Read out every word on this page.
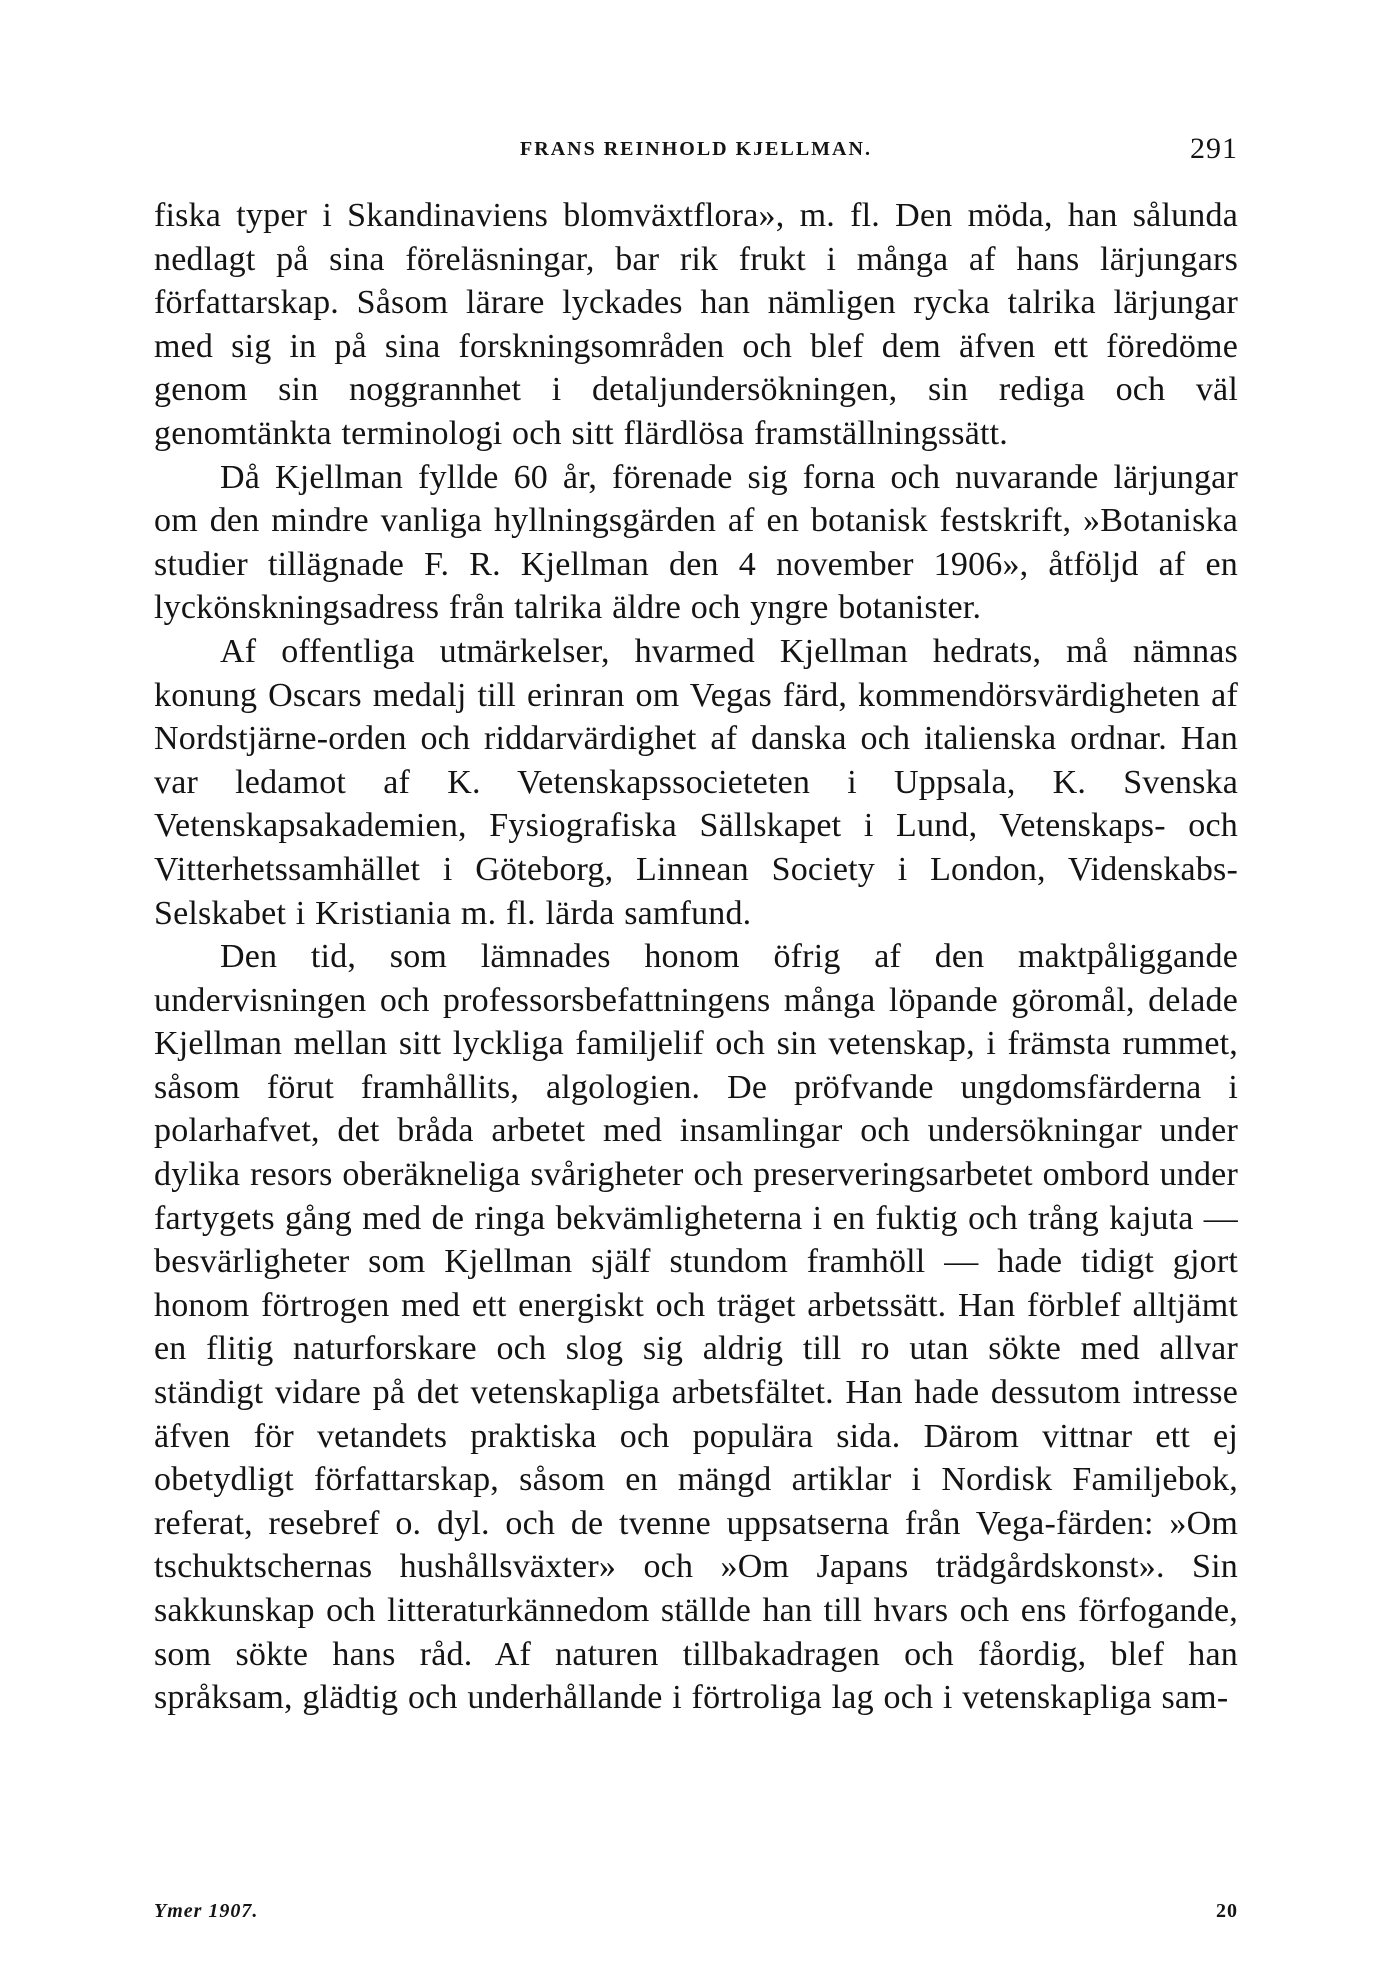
FRANS REINHOLD KJELLMAN.	291

fiska typer i Skandinaviens blomväxtflora», m. fl. Den möda, han sålunda nedlagt på sina föreläsningar, bar rik frukt i många af hans lärjungars författarskap. Såsom lärare lyckades han nämligen rycka talrika lärjungar med sig in på sina forskningsområden och blef dem äfven ett föredöme genom sin noggrannhet i detaljundersökningen, sin rediga och väl genomtänkta terminologi och sitt flärdlösa framställningssätt.

Då Kjellman fyllde 60 år, förenade sig forna och nuvarande lärjungar om den mindre vanliga hyllningsgärden af en botanisk festskrift, »Botaniska studier tillägnade F. R. Kjellman den 4 november 1906», åtföljd af en lyckönskningsadress från talrika äldre och yngre botanister.

Af offentliga utmärkelser, hvarmed Kjellman hedrats, må nämnas konung Oscars medalj till erinran om Vegas färd, kommendörsvärdigheten af Nordstjärne-orden och riddarvärdighet af danska och italienska ordnar. Han var ledamot af K. Vetenskapssocieteten i Uppsala, K. Svenska Vetenskapsakademien, Fysiografiska Sällskapet i Lund, Vetenskaps- och Vitterhetssamhället i Göteborg, Linnean Society i London, Videnskabs-Selskabet i Kristiania m. fl. lärda samfund.

Den tid, som lämnades honom öfrig af den maktpåliggande undervisningen och professorsbefattningens många löpande göromål, delade Kjellman mellan sitt lyckliga familjelif och sin vetenskap, i främsta rummet, såsom förut framhållits, algologien. De pröfvande ungdomsfärderna i polarhafvet, det bråda arbetet med insamlingar och undersökningar under dylika resors oberäkneliga svårigheter och preserveringsarbetet ombord under fartygets gång med de ringa bekvämligheterna i en fuktig och trång kajuta — besvärligheter som Kjellman själf stundom framhöll — hade tidigt gjort honom förtrogen med ett energiskt och träget arbetssätt. Han förblef alltjämt en flitig naturforskare och slog sig aldrig till ro utan sökte med allvar ständigt vidare på det vetenskapliga arbetsfältet. Han hade dessutom intresse äfven för vetandets praktiska och populära sida. Därom vittnar ett ej obetydligt författarskap, såsom en mängd artiklar i Nordisk Familjebok, referat, resebref o. dyl. och de tvenne uppsatserna från Vega-färden: »Om tschuktschernas hushållsväxter» och »Om Japans trädgårdskonst». Sin sakkunskap och litteraturkännedom ställde han till hvars och ens förfogande, som sökte hans råd. Af naturen tillbakadragen och fåordig, blef han språksam, glädtig och underhållande i förtroliga lag och i vetenskapliga sam-

Ymer 1907.	20
